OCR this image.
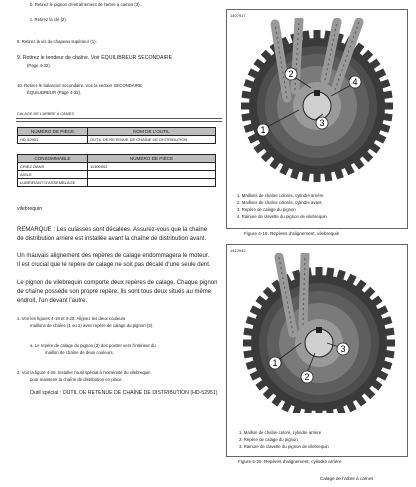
b. Retirez le pignon d'entraînement de l'arbre à cames (3).
c. Retirez la clé (2).
8. Retirez la vis du chapeau supérieur (1).
9. Retirez le tendeur de chaîne. Voir ÉQUILIBREUR SECONDAIRE
(Page 4-32).
10. Retirez le balancier secondaire. Voir la section SECONDAIRE
ÉQUILIBREUR (Page 4-32).
CALAGE DE L'ARBRE À CAMES
NUMÉRO DE PIÈCE	NOM DE L'OUTIL
HD-52951	OUTIL DE RETENUE DE CHAÎNE DE DISTRIBUTION
CONSOMMABLE	NUMÉRO DE PIÈCE
CRIEZ DANS	11300002
AIGLE	
LUBRIFIANT D'ASSEMBLAGE	
vilebrequin
REMARQUE : Les culasses sont décalées. Assurez-vous que la chaîne
de distribution arrière est installée avant la chaîne de distribution avant.
Un mauvais alignement des repères de calage endommagera le moteur.
Il est crucial que le repère de calage ne soit pas décalé d'une seule dent.
Le pignon de vilebrequin comporte deux repères de calage. Chaque pignon
de chaîne possède son propre repère. Ils sont tous deux situés au même
endroit, l'un devant l'autre.
1. Voir les figures 4-19 et 4-20. Alignez les deux couleurs
maillons de chaîne (1 ou 2) avec repère de calage du pignon (3).
a. Le repère de calage du pignon (3) doit pointer vers l'intérieur du
maillon de chaîne de deux couleurs.
2. Voir la figure 4-26. Installer l'outil spécial à l'extrémité du vilebrequin
pour maintenir la chaîne de distribution en place.
Outil spécial : OUTIL DE RETENUE DE CHAÎNE DE DISTRIBUTION (HD-52951)
1407917
1
2
3
4
1. Maillons de chaîne colorés, cylindre arrière
2. Maillons de chaîne colorés, cylindre avant
3. Repère de calage du pignon
4. Rainure de clavette du pignon de vilebrequin
Figure 4-19. Repères d'alignement, vilebrequin
1412042
1
2
3
1. Maillon de chaîne coloré, cylindre arrière
2. Repère de calage du pignon
3. Rainure de clavette du pignon de vilebrequin
Figure 4-20. Repères d'alignement, cylindre arrière
Calage de l'arbre à cames
